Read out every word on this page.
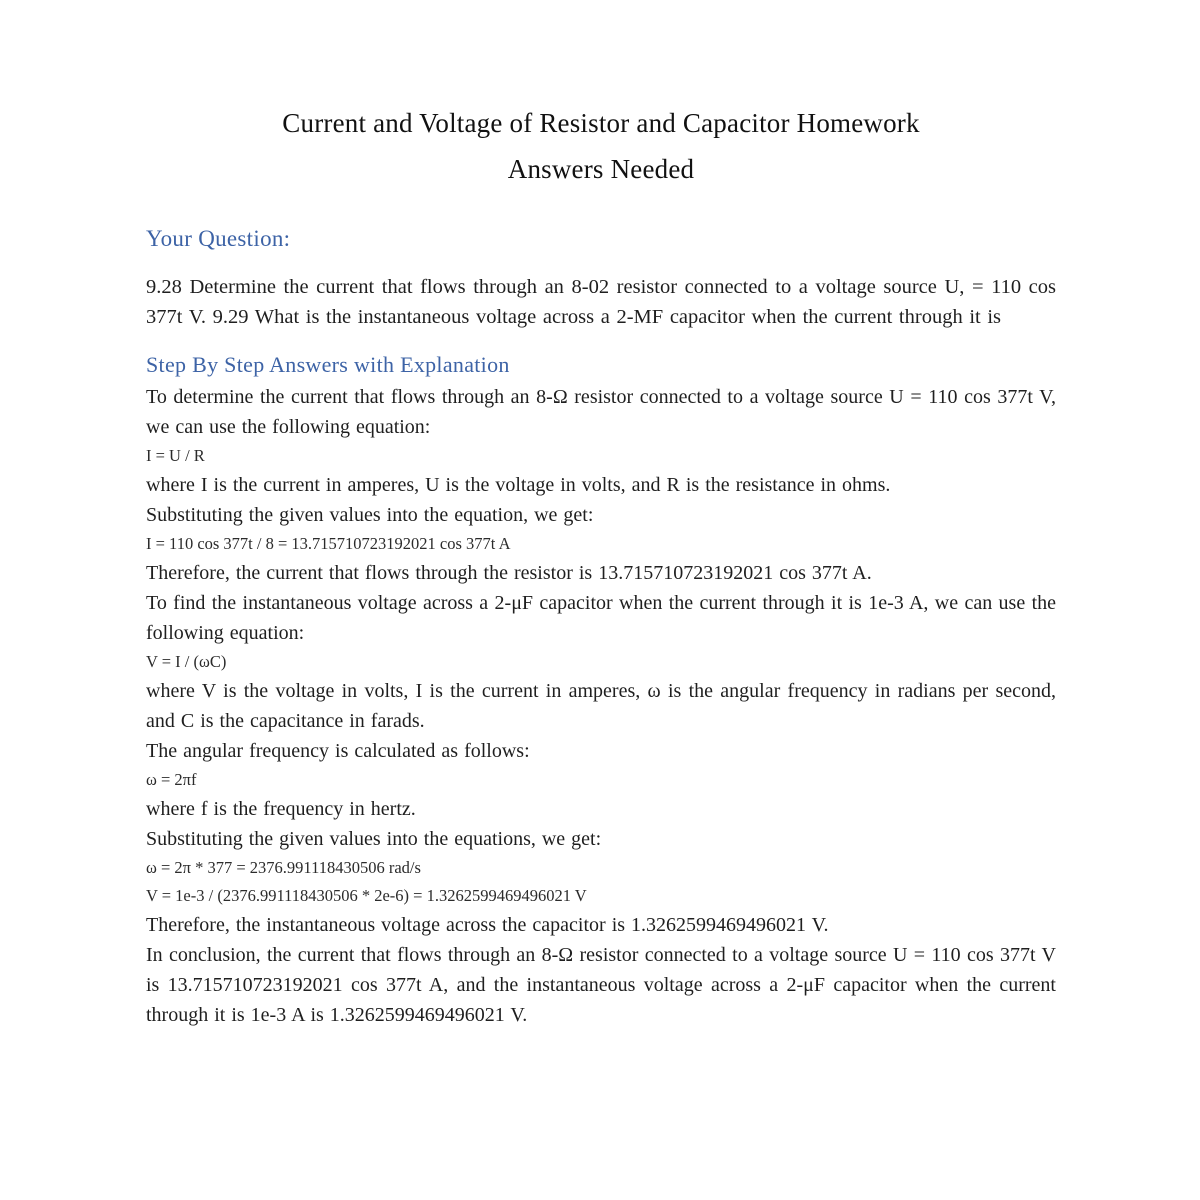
Current and Voltage of Resistor and Capacitor Homework
Answers Needed
Your Question:

9.28 Determine the current that flows through an 8-02 resistor connected to a voltage source U, = 110 cos 377t V. 9.29 What is the instantaneous voltage across a 2-MF capacitor when the current through it is

Step By Step Answers with Explanation

To determine the current that flows through an 8-Ω resistor connected to a voltage source U = 110 cos 377t V, we can use the following equation:

I = U / R

where I is the current in amperes, U is the voltage in volts, and R is the resistance in ohms.

Substituting the given values into the equation, we get:

I = 110 cos 377t / 8 = 13.715710723192021 cos 377t A

Therefore, the current that flows through the resistor is 13.715710723192021 cos 377t A.

To find the instantaneous voltage across a 2-μF capacitor when the current through it is 1e-3 A, we can use the following equation:

V = I / (ωC)

where V is the voltage in volts, I is the current in amperes, ω is the angular frequency in radians per second, and C is the capacitance in farads.

The angular frequency is calculated as follows:

ω = 2πf

where f is the frequency in hertz.

Substituting the given values into the equations, we get:

ω = 2π * 377 = 2376.991118430506 rad/s

V = 1e-3 / (2376.991118430506 * 2e-6) = 1.3262599469496021 V

Therefore, the instantaneous voltage across the capacitor is 1.3262599469496021 V.

In conclusion, the current that flows through an 8-Ω resistor connected to a voltage source U = 110 cos 377t V is 13.715710723192021 cos 377t A, and the instantaneous voltage across a 2-μF capacitor when the current through it is 1e-3 A is 1.3262599469496021 V.
